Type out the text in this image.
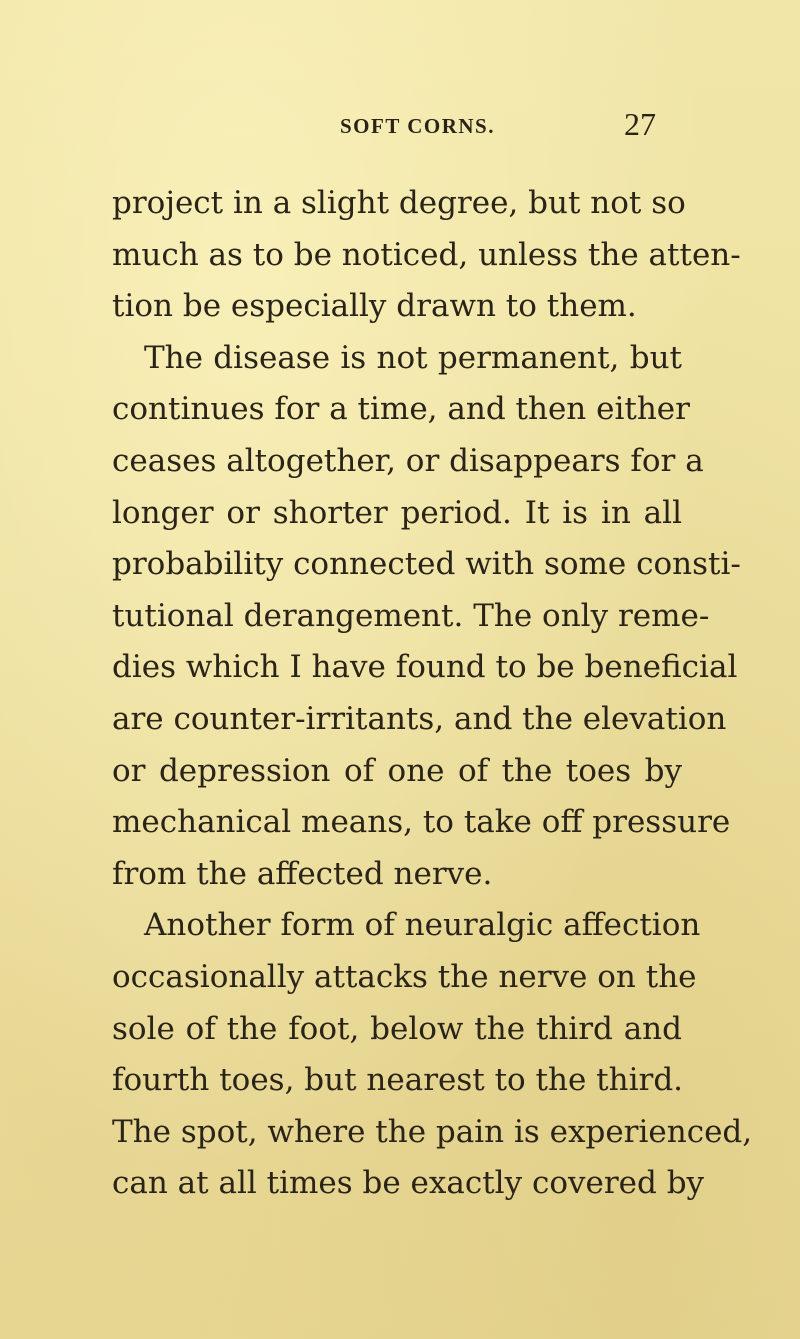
SOFT CORNS.	27
project in a slight degree, but not so
much as to be noticed, unless the atten-
tion be especially drawn to them.
The disease is not permanent, but
continues for a time, and then either
ceases altogether, or disappears for a
longer or shorter period. It is in all
probability connected with some consti-
tutional derangement. The only reme-
dies which I have found to be beneficial
are counter-irritants, and the elevation
or depression of one of the toes by
mechanical means, to take off pressure
from the affected nerve.
Another form of neuralgic affection
occasionally attacks the nerve on the
sole of the foot, below the third and
fourth toes, but nearest to the third.
The spot, where the pain is experienced,
can at all times be exactly covered by
